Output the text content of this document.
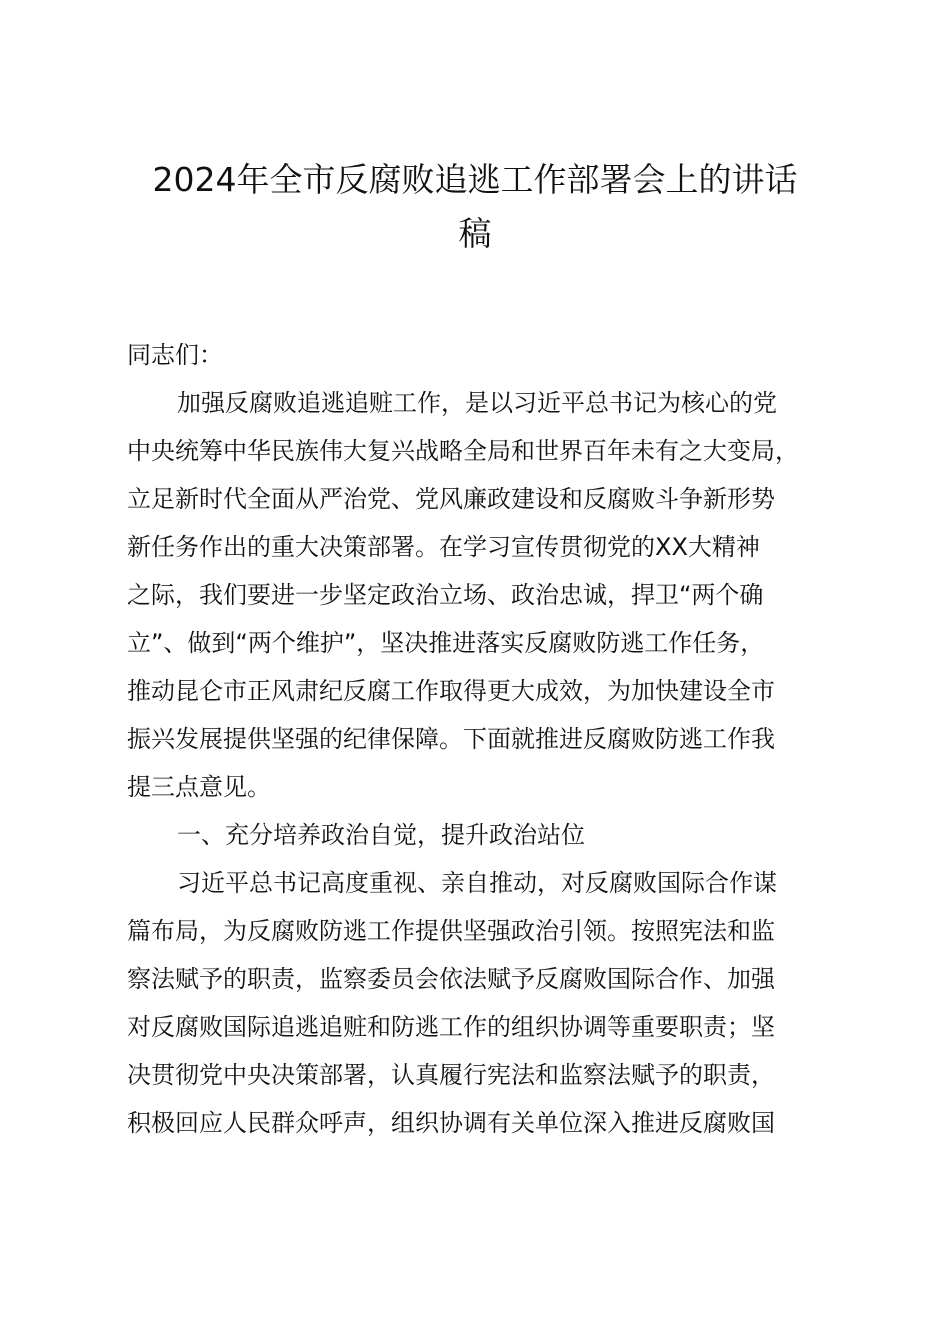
2024年全市反腐败追逃工作部署会上的讲话
稿
同志们：
加强反腐败追逃追赃工作，是以习近平总书记为核心的党
中央统筹中华民族伟大复兴战略全局和世界百年未有之大变局，
立足新时代全面从严治党、党风廉政建设和反腐败斗争新形势
新任务作出的重大决策部署。在学习宣传贯彻党的XX大精神
之际，我们要进一步坚定政治立场、政治忠诚，捍卫“两个确
立”、做到“两个维护”，坚决推进落实反腐败防逃工作任务，
推动昆仑市正风肃纪反腐工作取得更大成效，为加快建设全市
振兴发展提供坚强的纪律保障。下面就推进反腐败防逃工作我
提三点意见。
一、充分培养政治自觉，提升政治站位
习近平总书记高度重视、亲自推动，对反腐败国际合作谋
篇布局，为反腐败防逃工作提供坚强政治引领。按照宪法和监
察法赋予的职责，监察委员会依法赋予反腐败国际合作、加强
对反腐败国际追逃追赃和防逃工作的组织协调等重要职责；坚
决贯彻党中央决策部署，认真履行宪法和监察法赋予的职责，
积极回应人民群众呼声，组织协调有关单位深入推进反腐败国
